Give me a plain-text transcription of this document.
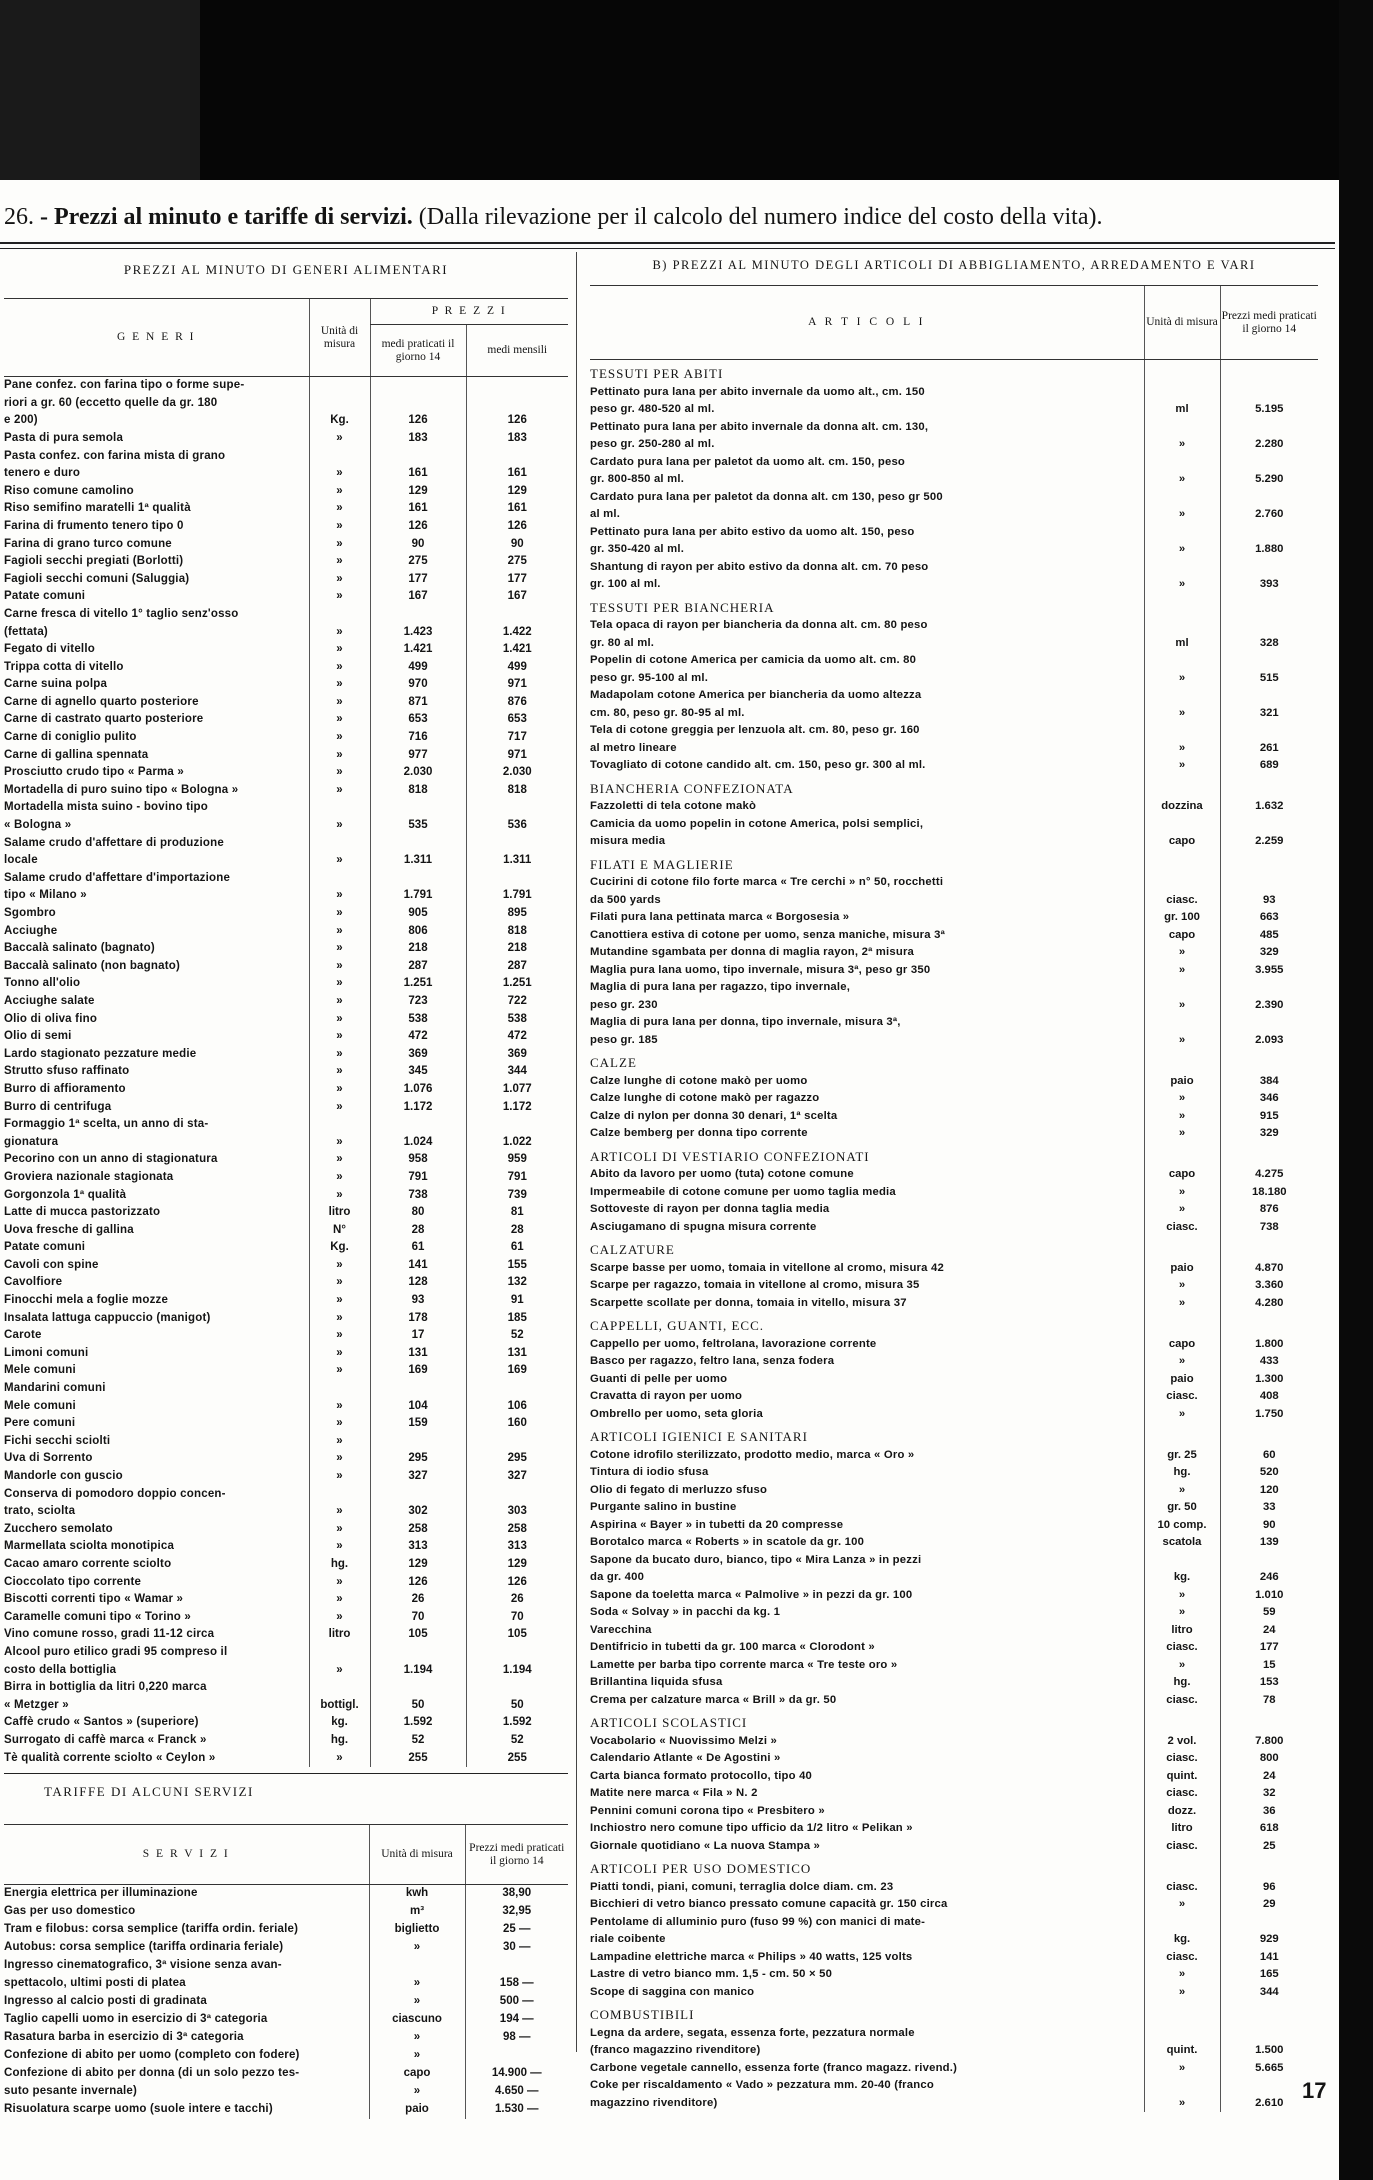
26. - Prezzi al minuto e tariffe di servizi. (Dalla rilevazione per il calcolo del numero indice del costo della vita).

PREZZI AL MINUTO DI GENERI ALIMENTARI

G E N E R I	Unità di misura	P R E Z Z I	
		medi praticati il giorno 14	medi mensili
Pane confez. con farina tipo o forme supe-			
riori a gr. 60 (eccetto quelle da gr. 180			
e 200)	Kg.	126	126
Pasta di pura semola	»	183	183
Pasta confez. con farina mista di grano			
tenero e duro	»	161	161
Riso comune camolino	»	129	129
Riso semifino maratelli 1ª qualità	»	161	161
Farina di frumento tenero tipo 0	»	126	126
Farina di grano turco comune	»	90	90
Fagioli secchi pregiati (Borlotti)	»	275	275
Fagioli secchi comuni (Saluggia)	»	177	177
Patate comuni	»	167	167
Carne fresca di vitello 1° taglio senz'osso			
(fettata)	»	1.423	1.422
Fegato di vitello	»	1.421	1.421
Trippa cotta di vitello	»	499	499
Carne suina polpa	»	970	971
Carne di agnello quarto posteriore	»	871	876
Carne di castrato quarto posteriore	»	653	653
Carne di coniglio pulito	»	716	717
Carne di gallina spennata	»	977	971
Prosciutto crudo tipo « Parma »	»	2.030	2.030
Mortadella di puro suino tipo « Bologna »	»	818	818
Mortadella mista suino - bovino tipo			
« Bologna »	»	535	536
Salame crudo d'affettare di produzione			
locale	»	1.311	1.311
Salame crudo d'affettare d'importazione			
tipo « Milano »	»	1.791	1.791
Sgombro	»	905	895
Acciughe	»	806	818
Baccalà salinato (bagnato)	»	218	218
Baccalà salinato (non bagnato)	»	287	287
Tonno all'olio	»	1.251	1.251
Acciughe salate	»	723	722
Olio di oliva fino	»	538	538
Olio di semi	»	472	472
Lardo stagionato pezzature medie	»	369	369
Strutto sfuso raffinato	»	345	344
Burro di affioramento	»	1.076	1.077
Burro di centrifuga	»	1.172	1.172
Formaggio 1ª scelta, un anno di sta-			
gionatura	»	1.024	1.022
Pecorino con un anno di stagionatura	»	958	959
Groviera nazionale stagionata	»	791	791
Gorgonzola 1ª qualità	»	738	739
Latte di mucca pastorizzato	litro	80	81
Uova fresche di gallina	N°	28	28
Patate comuni	Kg.	61	61
Cavoli con spine	»	141	155
Cavolfiore	»	128	132
Finocchi mela a foglie mozze	»	93	91
Insalata lattuga cappuccio (manigot)	»	178	185
Carote	»	17	52
Limoni comuni	»	131	131
Mele comuni	»	169	169
Mandarini comuni			
Mele comuni	»	104	106
Pere comuni	»	159	160
Fichi secchi sciolti	»		
Uva di Sorrento	»	295	295
Mandorle con guscio	»	327	327
Conserva di pomodoro doppio concen-			
trato, sciolta	»	302	303
Zucchero semolato	»	258	258
Marmellata sciolta monotipica	»	313	313
Cacao amaro corrente sciolto	hg.	129	129
Cioccolato tipo corrente	»	126	126
Biscotti correnti tipo « Wamar »	»	26	26
Caramelle comuni tipo « Torino »	»	70	70
Vino comune rosso, gradi 11-12 circa	litro	105	105
Alcool puro etilico gradi 95 compreso il			
costo della bottiglia	»	1.194	1.194
Birra in bottiglia da litri 0,220 marca			
« Metzger »	bottigl.	50	50
Caffè crudo « Santos » (superiore)	kg.	1.592	1.592
Surrogato di caffè marca « Franck »	hg.	52	52
Tè qualità corrente sciolto « Ceylon »	»	255	255

TARIFFE DI ALCUNI SERVIZI

S E R V I Z I	Unità di misura	Prezzi medi praticati il giorno 14
Energia elettrica per illuminazione	kwh	38,90
Gas per uso domestico	m³	32,95
Tram e filobus: corsa semplice (tariffa ordin. feriale)	biglietto	25 —
Autobus: corsa semplice (tariffa ordinaria feriale)	»	30 —
Ingresso cinematografico, 3ª visione senza avan-		
spettacolo, ultimi posti di platea	»	158 —
Ingresso al calcio posti di gradinata	»	500 —
Taglio capelli uomo in esercizio di 3ª categoria	ciascuno	194 —
Rasatura barba in esercizio di 3ª categoria	»	98 —
Confezione di abito per uomo (completo con fodere)	»	
Confezione di abito per donna (di un solo pezzo tes-	capo	14.900 —
suto pesante invernale)	»	4.650 —
Risuolatura scarpe uomo (suole intere e tacchi)	paio	1.530 —

B) PREZZI AL MINUTO DEGLI ARTICOLI DI ABBIGLIAMENTO, ARREDAMENTO E VARI

A R T I C O L I	Unità di misura	Prezzi medi praticati il giorno 14
TESSUTI PER ABITI		
Pettinato pura lana per abito invernale da uomo alt., cm. 150		
peso gr. 480-520 al ml.	ml	5.195
Pettinato pura lana per abito invernale da donna alt. cm. 130,		
peso gr. 250-280 al ml.	»	2.280
Cardato pura lana per paletot da uomo alt. cm. 150, peso		
gr. 800-850 al ml.	»	5.290
Cardato pura lana per paletot da donna alt. cm 130, peso gr 500		
al ml.	»	2.760
Pettinato pura lana per abito estivo da uomo alt. 150, peso		
gr. 350-420 al ml.	»	1.880
Shantung di rayon per abito estivo da donna alt. cm. 70 peso		
gr. 100 al ml.	»	393
TESSUTI PER BIANCHERIA		
Tela opaca di rayon per biancheria da donna alt. cm. 80 peso		
gr. 80 al ml.	ml	328
Popelin di cotone America per camicia da uomo alt. cm. 80		
peso gr. 95-100 al ml.	»	515
Madapolam cotone America per biancheria da uomo altezza		
cm. 80, peso gr. 80-95 al ml.	»	321
Tela di cotone greggia per lenzuola alt. cm. 80, peso gr. 160		
al metro lineare	»	261
Tovagliato di cotone candido alt. cm. 150, peso gr. 300 al ml.	»	689
BIANCHERIA CONFEZIONATA		
Fazzoletti di tela cotone makò	dozzina	1.632
Camicia da uomo popelin in cotone America, polsi semplici,		
misura media	capo	2.259
FILATI E MAGLIERIE		
Cucirini di cotone filo forte marca « Tre cerchi » n° 50, rocchetti		
da 500 yards	ciasc.	93
Filati pura lana pettinata marca « Borgosesia »	gr. 100	663
Canottiera estiva di cotone per uomo, senza maniche, misura 3ª	capo	485
Mutandine sgambata per donna di maglia rayon, 2ª misura	»	329
Maglia pura lana uomo, tipo invernale, misura 3ª, peso gr 350	»	3.955
Maglia di pura lana per ragazzo, tipo invernale,		
peso gr. 230	»	2.390
Maglia di pura lana per donna, tipo invernale, misura 3ª,		
peso gr. 185	»	2.093
CALZE		
Calze lunghe di cotone makò per uomo	paio	384
Calze lunghe di cotone makò per ragazzo	»	346
Calze di nylon per donna 30 denari, 1ª scelta	»	915
Calze bemberg per donna tipo corrente	»	329
ARTICOLI DI VESTIARIO CONFEZIONATI		
Abito da lavoro per uomo (tuta) cotone comune	capo	4.275
Impermeabile di cotone comune per uomo taglia media	»	18.180
Sottoveste di rayon per donna taglia media	»	876
Asciugamano di spugna misura corrente	ciasc.	738
CALZATURE		
Scarpe basse per uomo, tomaia in vitellone al cromo, misura 42	paio	4.870
Scarpe per ragazzo, tomaia in vitellone al cromo, misura 35	»	3.360
Scarpette scollate per donna, tomaia in vitello, misura 37	»	4.280
CAPPELLI, GUANTI, ECC.		
Cappello per uomo, feltrolana, lavorazione corrente	capo	1.800
Basco per ragazzo, feltro lana, senza fodera	»	433
Guanti di pelle per uomo	paio	1.300
Cravatta di rayon per uomo	ciasc.	408
Ombrello per uomo, seta gloria	»	1.750
ARTICOLI IGIENICI E SANITARI		
Cotone idrofilo sterilizzato, prodotto medio, marca « Oro »	gr. 25	60
Tintura di iodio sfusa	hg.	520
Olio di fegato di merluzzo sfuso	»	120
Purgante salino in bustine	gr. 50	33
Aspirina « Bayer » in tubetti da 20 compresse	10 comp.	90
Borotalco marca « Roberts » in scatole da gr. 100	scatola	139
Sapone da bucato duro, bianco, tipo « Mira Lanza » in pezzi		
da gr. 400	kg.	246
Sapone da toeletta marca « Palmolive » in pezzi da gr. 100	»	1.010
Soda « Solvay » in pacchi da kg. 1	»	59
Varecchina	litro	24
Dentifricio in tubetti da gr. 100 marca « Clorodont »	ciasc.	177
Lamette per barba tipo corrente marca « Tre teste oro »	»	15
Brillantina liquida sfusa	hg.	153
Crema per calzature marca « Brill » da gr. 50	ciasc.	78
ARTICOLI SCOLASTICI		
Vocabolario « Nuovissimo Melzi »	2 vol.	7.800
Calendario Atlante « De Agostini »	ciasc.	800
Carta bianca formato protocollo, tipo 40	quint.	24
Matite nere marca « Fila » N. 2	ciasc.	32
Pennini comuni corona tipo « Presbitero »	dozz.	36
Inchiostro nero comune tipo ufficio da 1/2 litro « Pelikan »	litro	618
Giornale quotidiano « La nuova Stampa »	ciasc.	25
ARTICOLI PER USO DOMESTICO		
Piatti tondi, piani, comuni, terraglia dolce diam. cm. 23	ciasc.	96
Bicchieri di vetro bianco pressato comune capacità gr. 150 circa	»	29
Pentolame di alluminio puro (fuso 99 %) con manici di mate-		
riale coibente	kg.	929
Lampadine elettriche marca « Philips » 40 watts, 125 volts	ciasc.	141
Lastre di vetro bianco mm. 1,5 - cm. 50 × 50	»	165
Scope di saggina con manico	»	344
COMBUSTIBILI		
Legna da ardere, segata, essenza forte, pezzatura normale		
(franco magazzino rivenditore)	quint.	1.500
Carbone vegetale cannello, essenza forte (franco magazz. rivend.)	»	5.665
Coke per riscaldamento « Vado » pezzatura mm. 20-40 (franco		
magazzino rivenditore)	»	2.610 17
